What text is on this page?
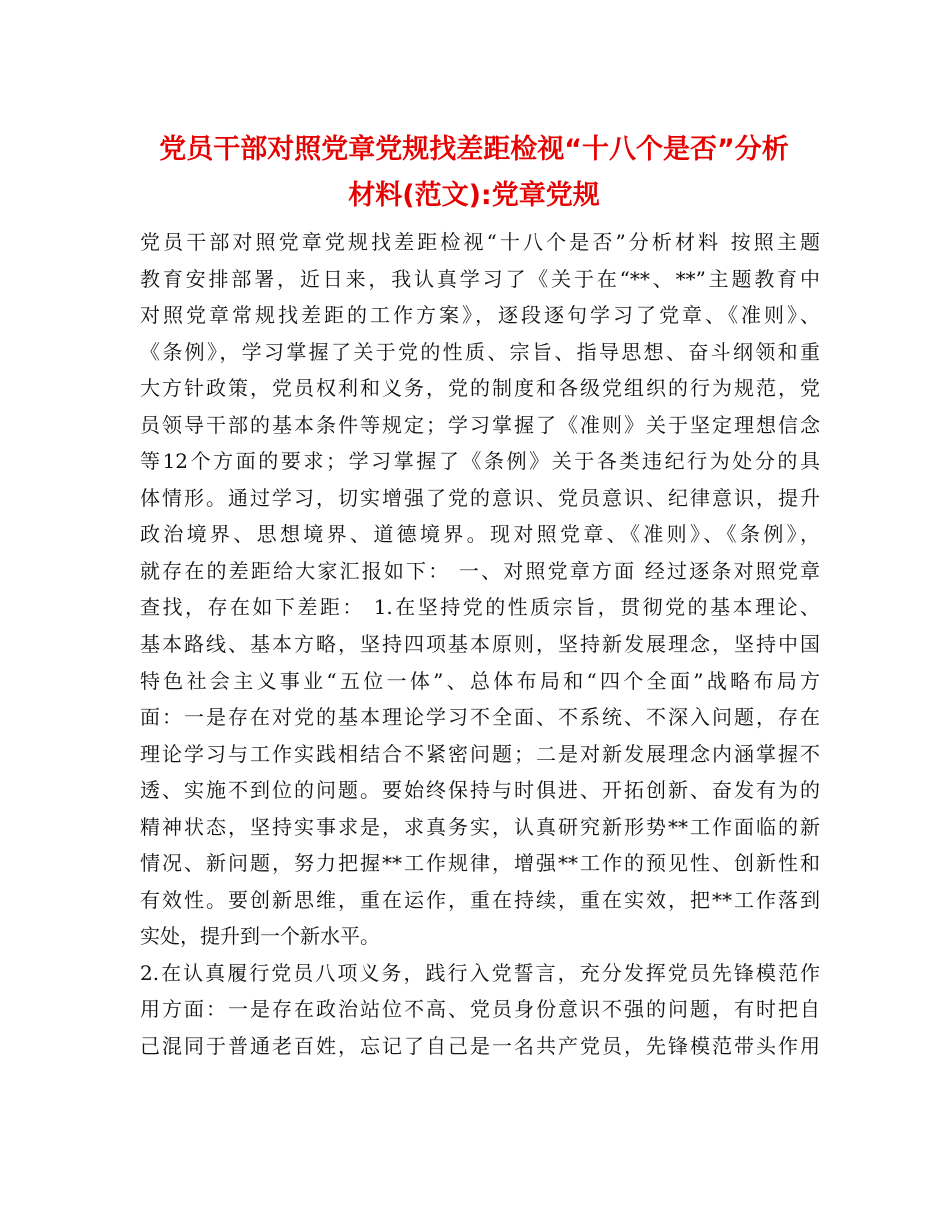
党员干部对照党章党规找差距检视“十八个是否”分析
材料(范文):党章党规
党员干部对照党章党规找差距检视“十八个是否”分析材料 按照主题
教育安排部署，近日来，我认真学习了《关于在“**、**”主题教育中
对照党章常规找差距的工作方案》，逐段逐句学习了党章、《准则》、
《条例》，学习掌握了关于党的性质、宗旨、指导思想、奋斗纲领和重
大方针政策，党员权利和义务，党的制度和各级党组织的行为规范，党
员领导干部的基本条件等规定；学习掌握了《准则》关于坚定理想信念
等12个方面的要求；学习掌握了《条例》关于各类违纪行为处分的具
体情形。通过学习，切实增强了党的意识、党员意识、纪律意识，提升
政治境界、思想境界、道德境界。现对照党章、《准则》、《条例》，
就存在的差距给大家汇报如下： 一、对照党章方面 经过逐条对照党章
查找，存在如下差距： 1.在坚持党的性质宗旨，贯彻党的基本理论、
基本路线、基本方略，坚持四项基本原则，坚持新发展理念，坚持中国
特色社会主义事业“五位一体”、总体布局和“四个全面”战略布局方
面：一是存在对党的基本理论学习不全面、不系统、不深入问题，存在
理论学习与工作实践相结合不紧密问题；二是对新发展理念内涵掌握不
透、实施不到位的问题。要始终保持与时俱进、开拓创新、奋发有为的
精神状态，坚持实事求是，求真务实，认真研究新形势**工作面临的新
情况、新问题，努力把握**工作规律，增强**工作的预见性、创新性和
有效性。要创新思维，重在运作，重在持续，重在实效，把**工作落到
实处，提升到一个新水平。
2.在认真履行党员八项义务，践行入党誓言，充分发挥党员先锋模范作
用方面：一是存在政治站位不高、党员身份意识不强的问题，有时把自
己混同于普通老百姓，忘记了自己是一名共产党员，先锋模范带头作用
